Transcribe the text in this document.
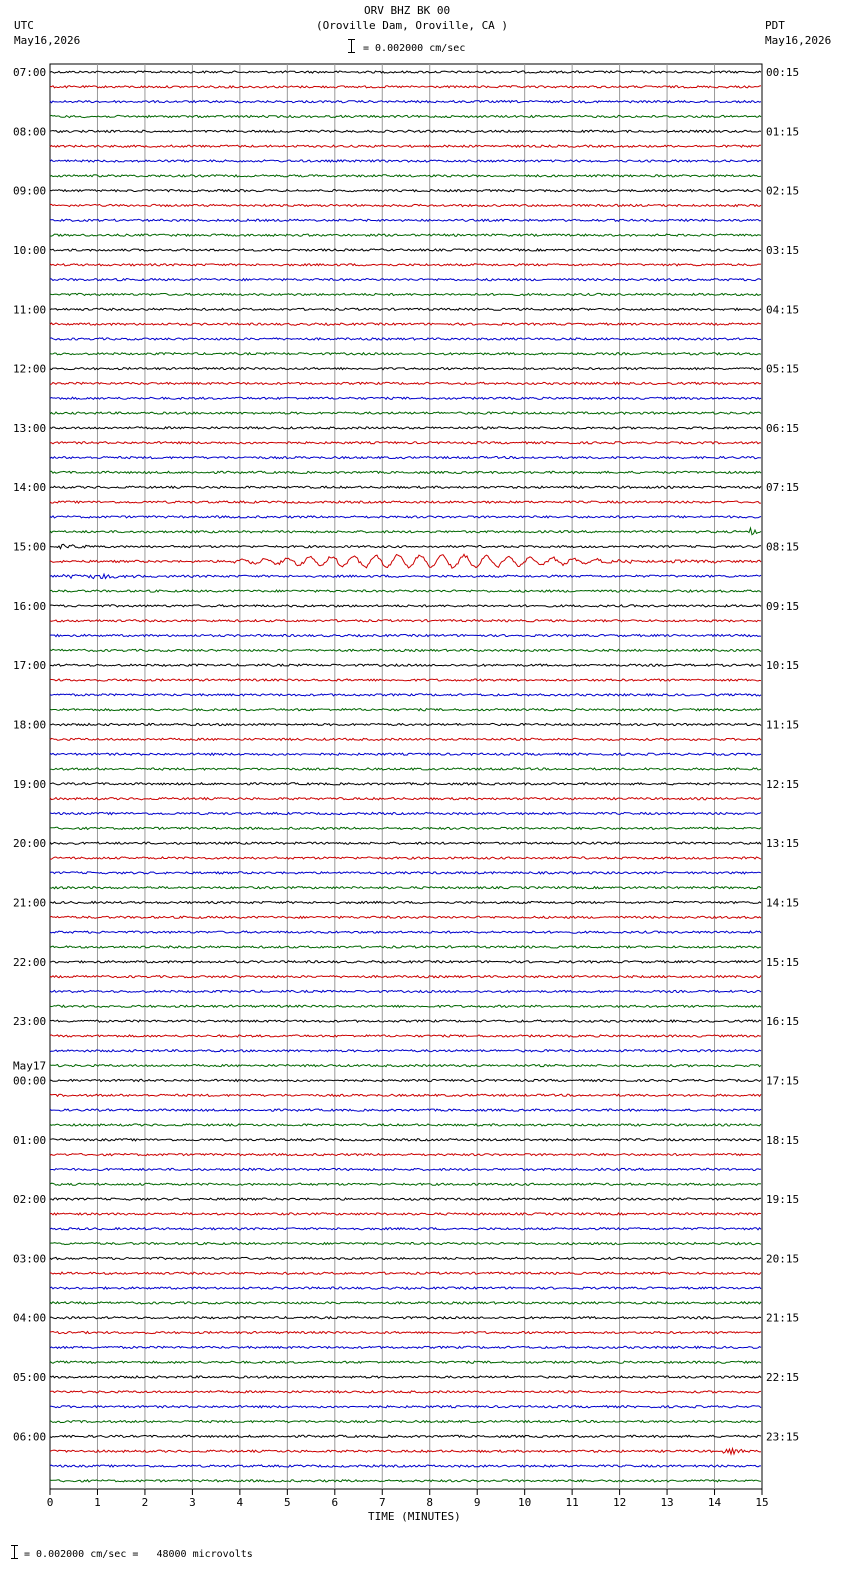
ORV BHZ BK 00
(Oroville Dam, Oroville, CA )
= 0.002000 cm/sec
UTC
May16,2026
PDT
May16,2026
0	1	2	3	4	5	6	7	8	9	10	11	12	13	14	15
07:00
08:00
09:00
10:00
11:00
12:00
13:00
14:00
15:00
16:00
17:00
18:00
19:00
20:00
21:00
22:00
23:00
00:00
May17
01:00
02:00
03:00
04:00
05:00
06:00
00:15
01:15
02:15
03:15
04:15
05:15
06:15
07:15
08:15
09:15
10:15
11:15
12:15
13:15
14:15
15:15
16:15
17:15
18:15
19:15
20:15
21:15
22:15
23:15
TIME (MINUTES)
= 0.002000 cm/sec =   48000 microvolts
